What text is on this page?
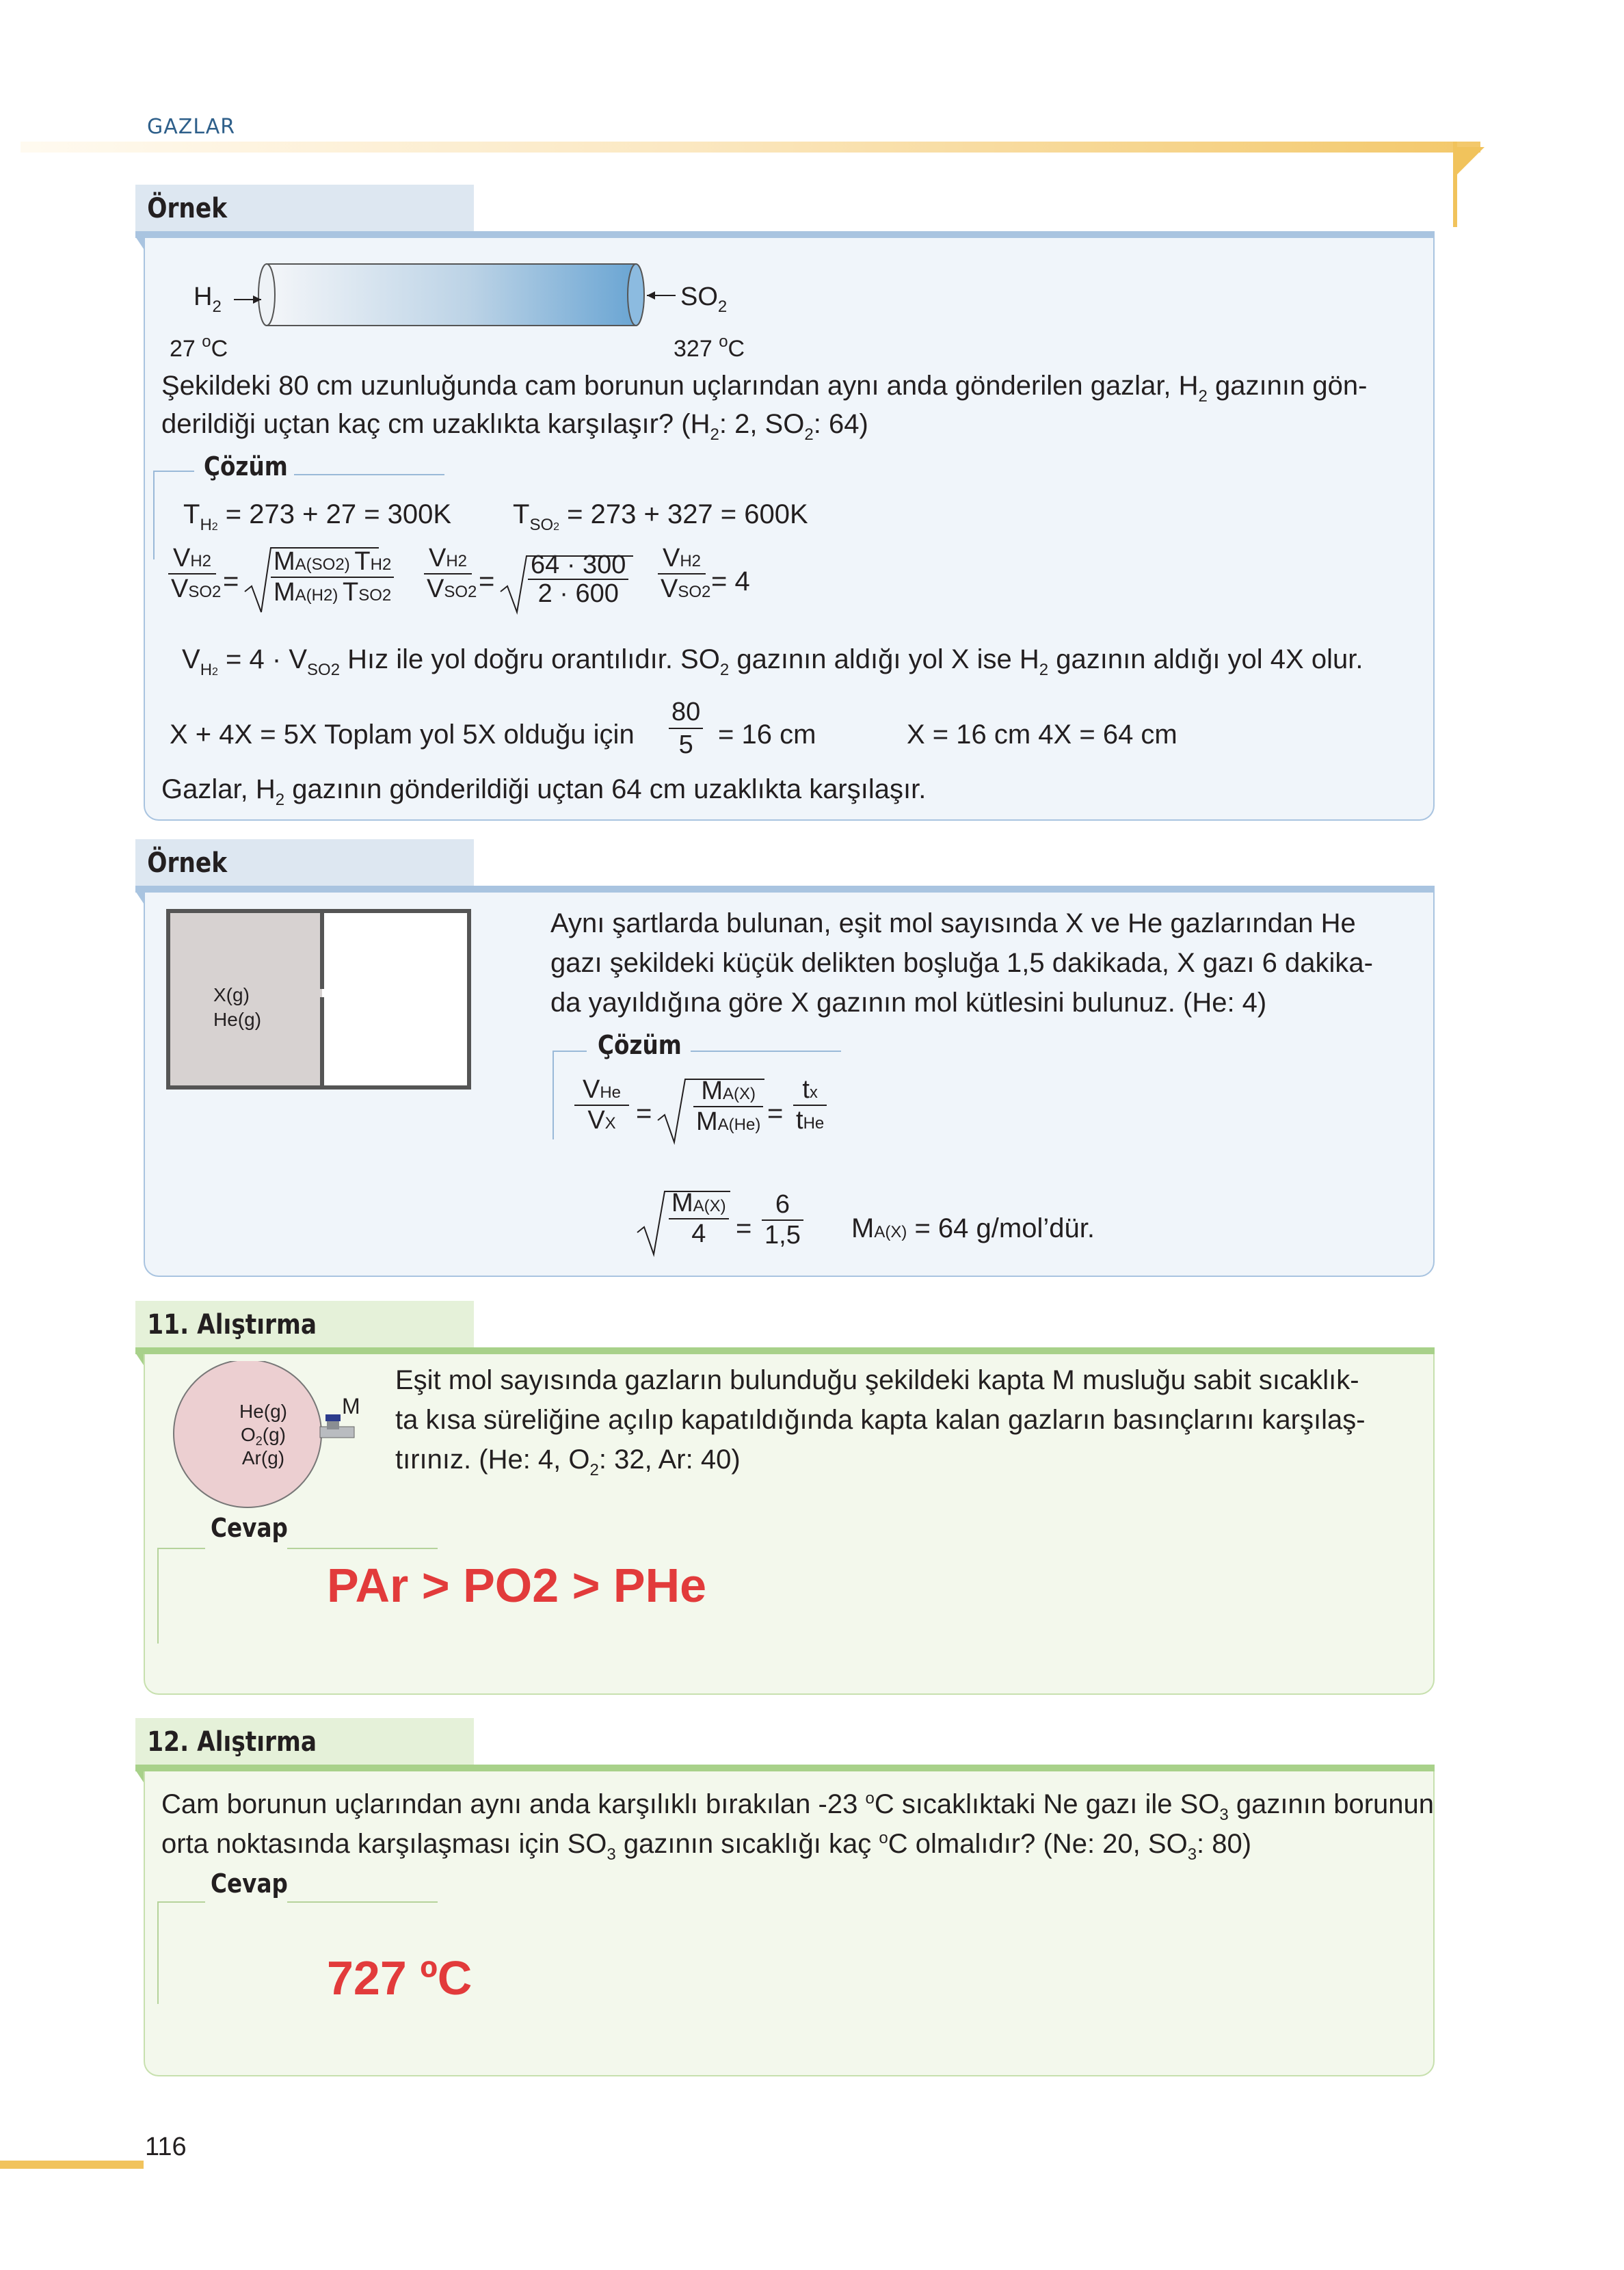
GAZLAR
Örnek
$H_2$	$SO_2$
27 $^o$C	327 $^o$C
Şekildeki 80 cm uzunluğunda cam borunun uçlarından aynı anda gönderilen gazlar, $H_2$ gazının gön-
derildiği uçtan kaç cm uzaklıkta karşılaşır? ($H_2$: 2, $SO_2$: 64)
Çözüm
$T_{H2} = 273 + 27 = 300K$ $T_{SO2} = 273 + 327 = 600K$
$\frac{VH2}{\text{VSO2}} = \frac{MA(SO2) TH2}{\text{MA(H2) TSO2}} \frac{VH2}{\text{VSO2}} = \frac{64 \cdot 300}{2 \cdot 600} \frac{VH2}{\text{VSO2}} = 4$
$V_{H2} = 4 \cdot V_{SO2}$ Hız ile yol doğru orantılıdır. $SO_2$ gazının aldığı yol X ise $H_2$ gazının aldığı yol 4X olur.
X + 4X = 5X Toplam yol 5X olduğu için $\frac{80}{5} = 16$ cm	X = 16 cm 4X = 64 cm
Gazlar, $H_2$ gazının gönderildiği uçtan 64 cm uzaklıkta karşılaşır.
Örnek
X(g)
He(g)
Aynı şartlarda bulunan, eşit mol sayısında X ve He gazlarından He
gazı şekildeki küçük delikten boşluğa 1,5 dakikada, X gazı 6 dakika-
da yayıldığına göre X gazının mol kütlesini bulunuz. (He: 4)
Çözüm
$\frac{\text{VHe}}{VX} = \frac{MA(X)}{MA(He)} = \frac{tx}{\text{tHe}}$
$\frac{MA(X)}{4} = \frac{6}{1,5} MA(X) = 64$ g/mol’dür.
11. Alıştırma
He(g)
$O_2(g)$
Ar(g)
M
Eşit mol sayısında gazların bulunduğu şekildeki kapta M musluğu sabit sıcaklık-
ta kısa süreliğine açılıp kapatıldığında kapta kalan gazların basınçlarını karşılaş-
tırınız. (He: 4, $O_2$: 32, Ar: 40)
Cevap
PAr > PO2 > PHe
12. Alıştırma
Cam borunun uçlarından aynı anda karşılıklı bırakılan -23 $^o$C sıcaklıktaki Ne gazı ile $SO_3$ gazının borunun
orta noktasında karşılaşması için $SO_3$ gazının sıcaklığı kaç $^o$C olmalıdır? (Ne: 20, $SO_3$: 80)
Cevap
727 ºC
116
